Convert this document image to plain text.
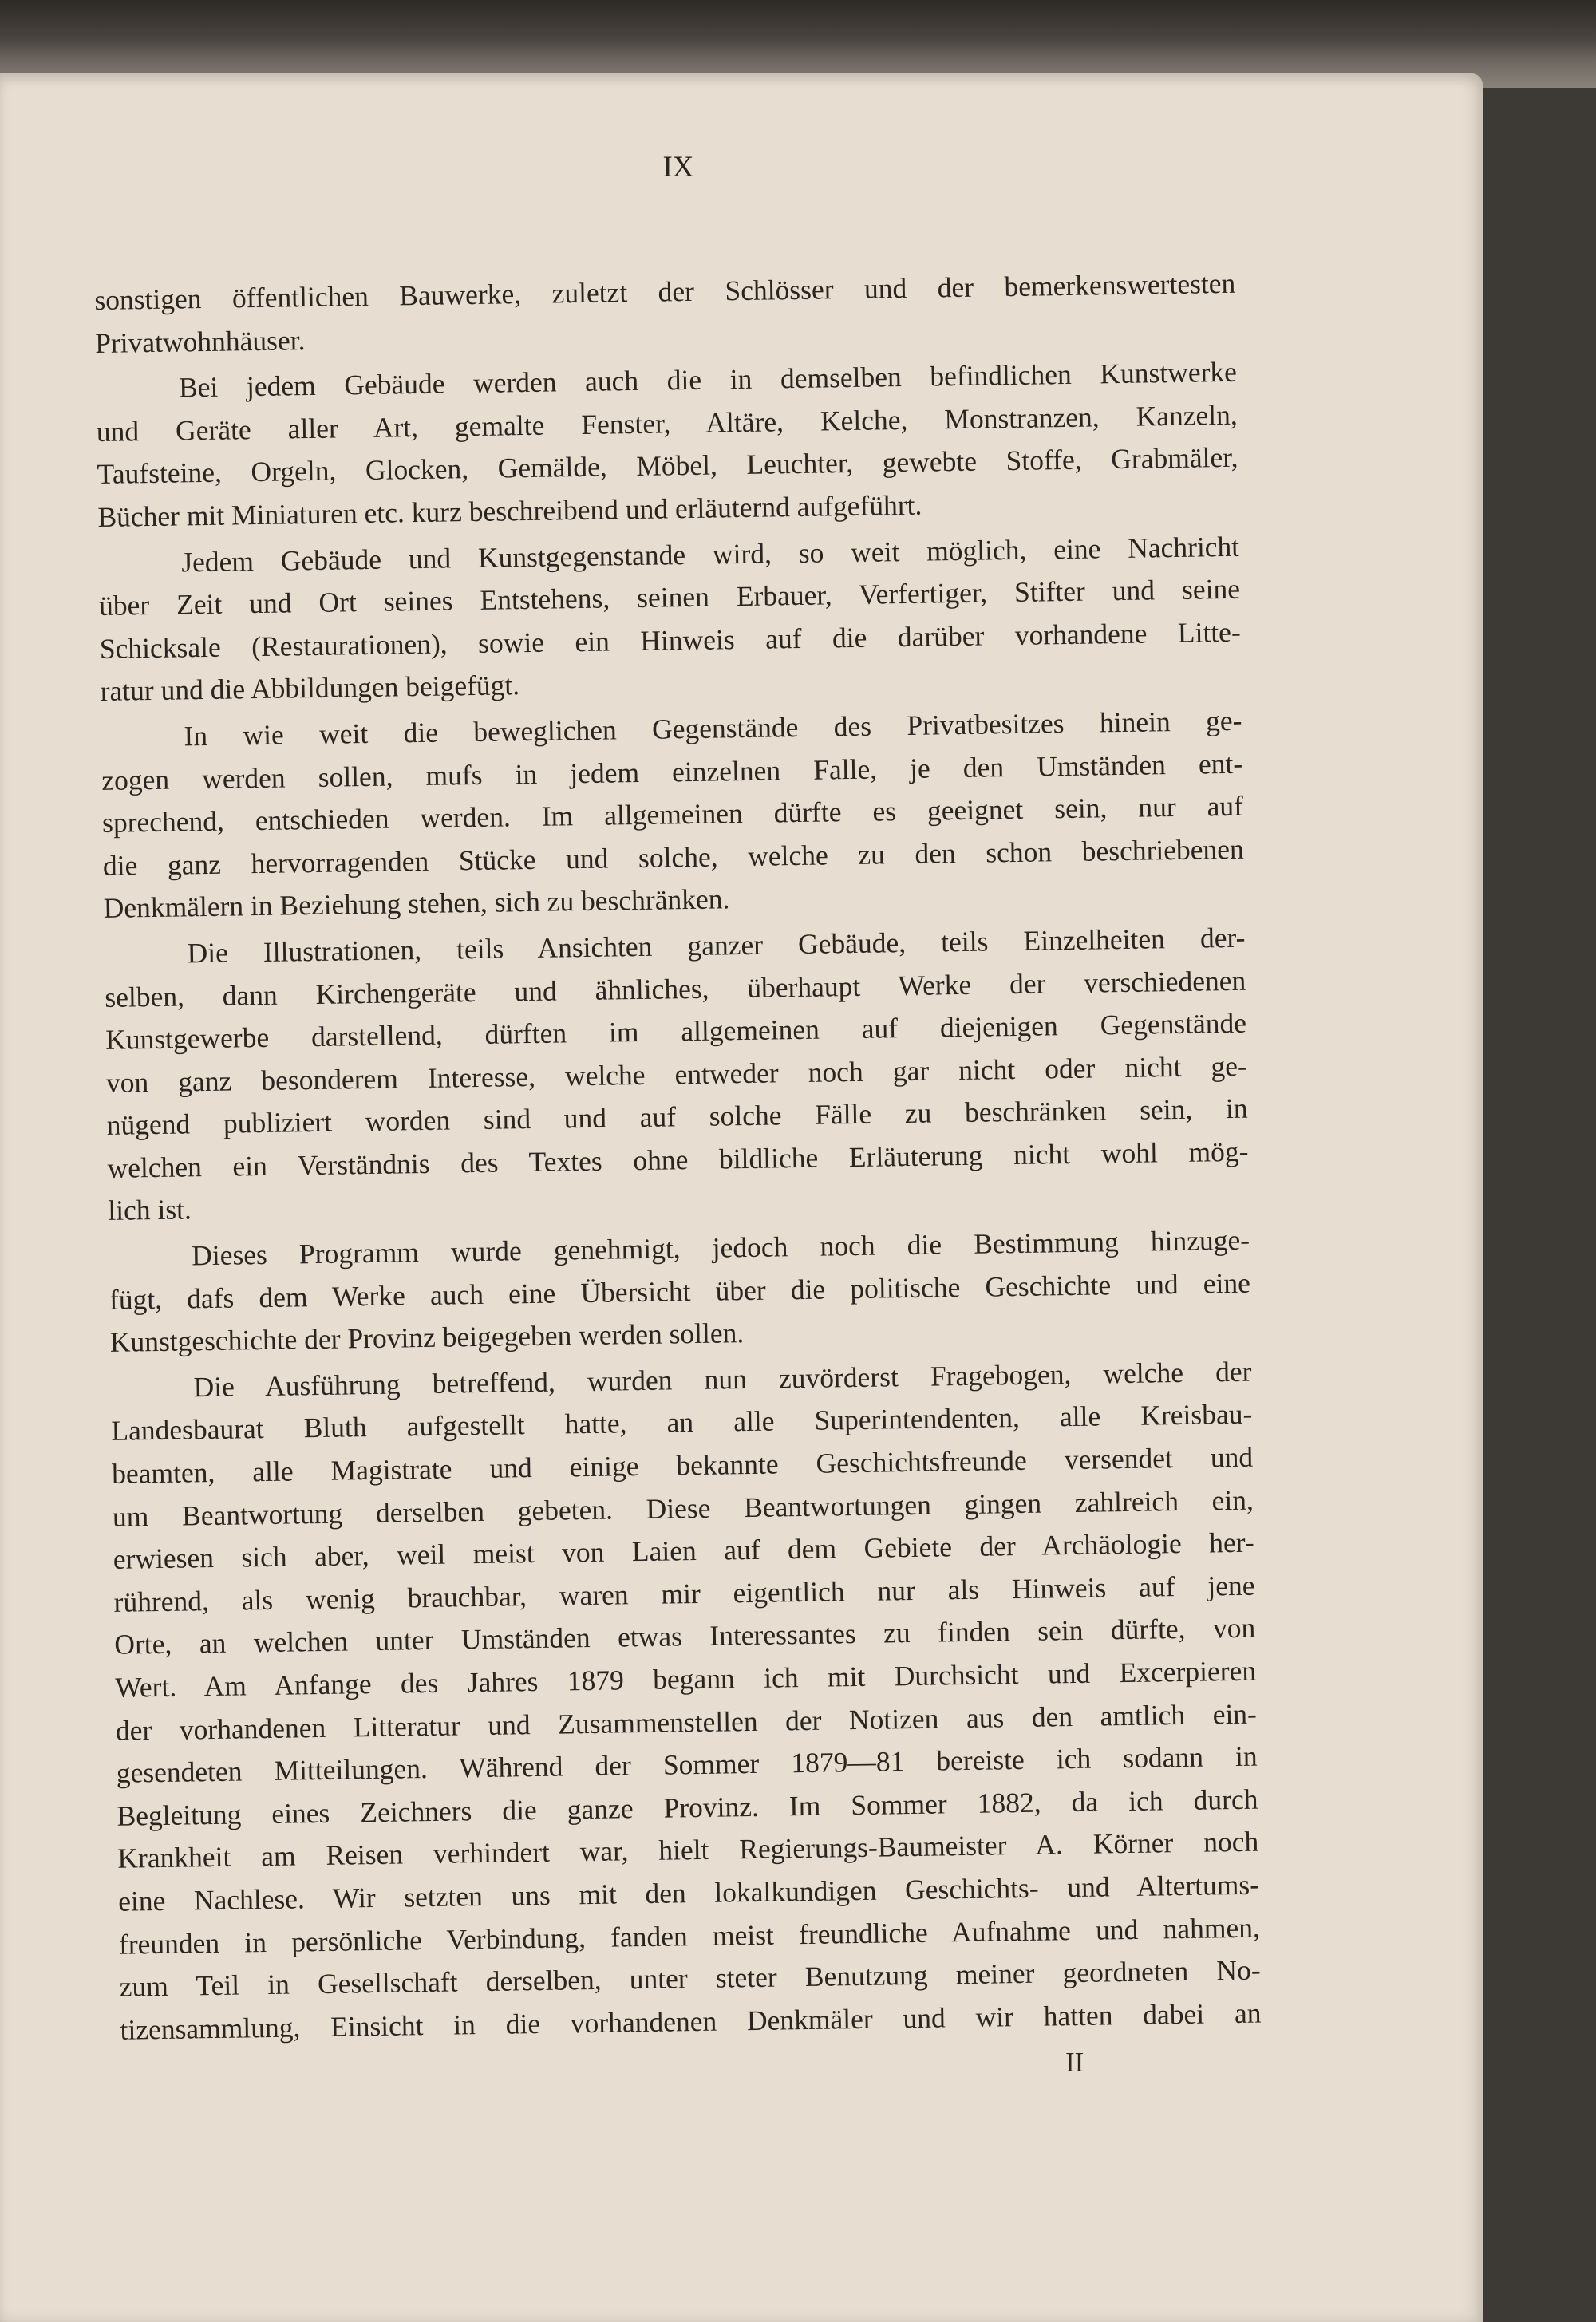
IX

sonstigen öffentlichen Bauwerke, zuletzt der Schlösser und der bemerkenswertesten
Privatwohnhäuser.

Bei jedem Gebäude werden auch die in demselben befindlichen Kunstwerke
und Geräte aller Art, gemalte Fenster, Altäre, Kelche, Monstranzen, Kanzeln,
Taufsteine, Orgeln, Glocken, Gemälde, Möbel, Leuchter, gewebte Stoffe, Grabmäler,
Bücher mit Miniaturen etc. kurz beschreibend und erläuternd aufgeführt.

Jedem Gebäude und Kunstgegenstande wird, so weit möglich, eine Nachricht
über Zeit und Ort seines Entstehens, seinen Erbauer, Verfertiger, Stifter und seine
Schicksale (Restaurationen), sowie ein Hinweis auf die darüber vorhandene Litte-
ratur und die Abbildungen beigefügt.

In wie weit die beweglichen Gegenstände des Privatbesitzes hinein ge-
zogen werden sollen, mufs in jedem einzelnen Falle, je den Umständen ent-
sprechend, entschieden werden. Im allgemeinen dürfte es geeignet sein, nur auf
die ganz hervorragenden Stücke und solche, welche zu den schon beschriebenen
Denkmälern in Beziehung stehen, sich zu beschränken.

Die Illustrationen, teils Ansichten ganzer Gebäude, teils Einzelheiten der-
selben, dann Kirchengeräte und ähnliches, überhaupt Werke der verschiedenen
Kunstgewerbe darstellend, dürften im allgemeinen auf diejenigen Gegenstände
von ganz besonderem Interesse, welche entweder noch gar nicht oder nicht ge-
nügend publiziert worden sind und auf solche Fälle zu beschränken sein, in
welchen ein Verständnis des Textes ohne bildliche Erläuterung nicht wohl mög-
lich ist.

Dieses Programm wurde genehmigt, jedoch noch die Bestimmung hinzuge-
fügt, dafs dem Werke auch eine Übersicht über die politische Geschichte und eine
Kunstgeschichte der Provinz beigegeben werden sollen.

Die Ausführung betreffend, wurden nun zuvörderst Fragebogen, welche der
Landesbaurat Bluth aufgestellt hatte, an alle Superintendenten, alle Kreisbau-
beamten, alle Magistrate und einige bekannte Geschichtsfreunde versendet und
um Beantwortung derselben gebeten. Diese Beantwortungen gingen zahlreich ein,
erwiesen sich aber, weil meist von Laien auf dem Gebiete der Archäologie her-
rührend, als wenig brauchbar, waren mir eigentlich nur als Hinweis auf jene
Orte, an welchen unter Umständen etwas Interessantes zu finden sein dürfte, von
Wert. Am Anfange des Jahres 1879 begann ich mit Durchsicht und Excerpieren
der vorhandenen Litteratur und Zusammenstellen der Notizen aus den amtlich ein-
gesendeten Mitteilungen. Während der Sommer 1879—81 bereiste ich sodann in
Begleitung eines Zeichners die ganze Provinz. Im Sommer 1882, da ich durch
Krankheit am Reisen verhindert war, hielt Regierungs-Baumeister A. Körner noch
eine Nachlese. Wir setzten uns mit den lokalkundigen Geschichts- und Altertums-
freunden in persönliche Verbindung, fanden meist freundliche Aufnahme und nahmen,
zum Teil in Gesellschaft derselben, unter steter Benutzung meiner geordneten No-
tizensammlung, Einsicht in die vorhandenen Denkmäler und wir hatten dabei an

II
